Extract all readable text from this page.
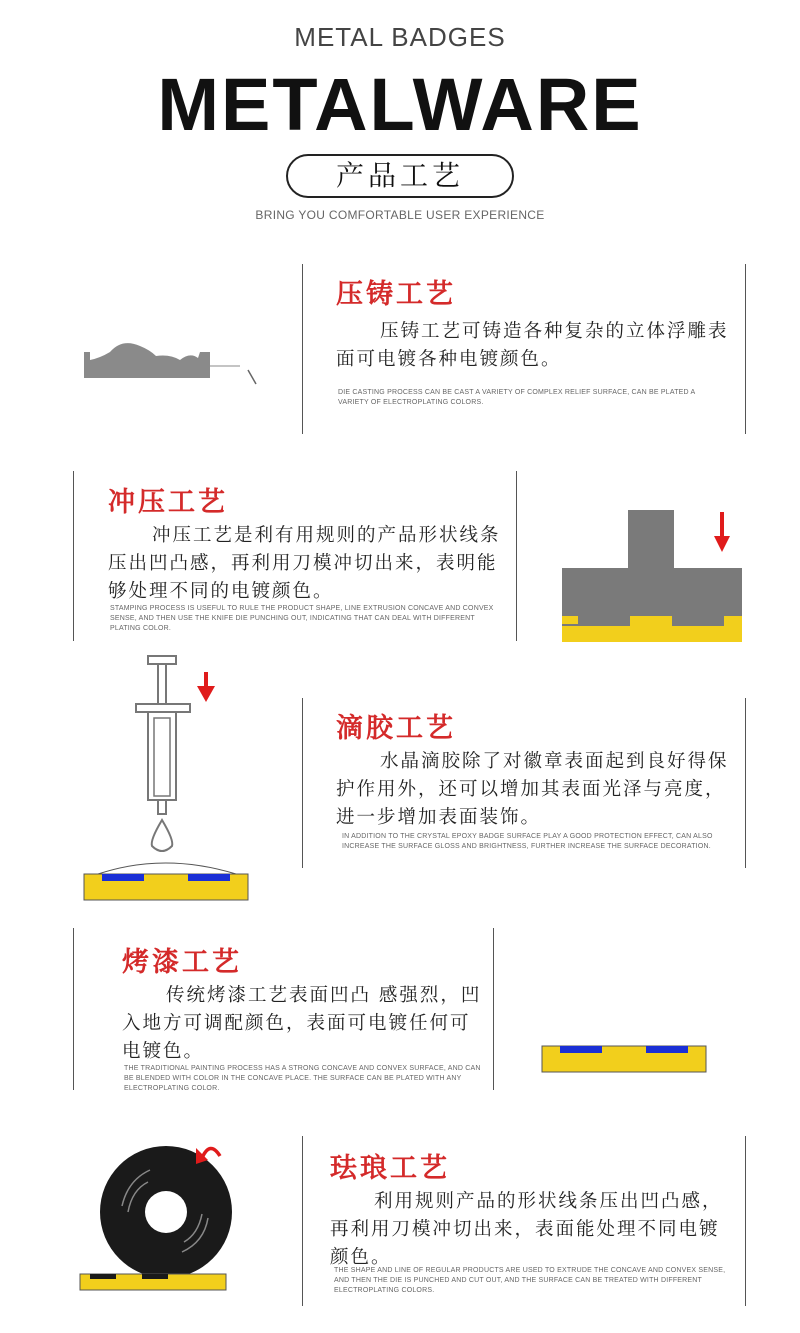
METAL BADGES
METALWARE
产品工艺
BRING YOU COMFORTABLE USER EXPERIENCE
压铸工艺
压铸工艺可铸造各种复杂的立体浮雕表面可电镀各种电镀颜色。
DIE CASTING PROCESS CAN BE CAST A VARIETY OF COMPLEX RELIEF SURFACE, CAN BE PLATED A VARIETY OF ELECTROPLATING COLORS.
冲压工艺
冲压工艺是利有用规则的产品形状线条压出凹凸感，再利用刀模冲切出来，表明能够处理不同的电镀颜色。
STAMPING PROCESS IS USEFUL TO RULE THE PRODUCT SHAPE, LINE EXTRUSION CONCAVE AND CONVEX SENSE, AND THEN USE THE KNIFE DIE PUNCHING OUT, INDICATING THAT CAN DEAL WITH DIFFERENT PLATING COLOR.
滴胶工艺
水晶滴胶除了对徽章表面起到良好得保护作用外，还可以增加其表面光泽与亮度，进一步增加表面装饰。
IN ADDITION TO THE CRYSTAL EPOXY BADGE SURFACE PLAY A GOOD PROTECTION EFFECT, CAN ALSO INCREASE THE SURFACE GLOSS AND BRIGHTNESS, FURTHER INCREASE THE SURFACE DECORATION.
烤漆工艺
传统烤漆工艺表面凹凸 感强烈，凹入地方可调配颜色，表面可电镀任何可电镀色。
THE TRADITIONAL PAINTING PROCESS HAS A STRONG CONCAVE AND CONVEX SURFACE, AND CAN BE BLENDED WITH COLOR IN THE CONCAVE PLACE. THE SURFACE CAN BE PLATED WITH ANY ELECTROPLATING COLOR.
珐琅工艺
利用规则产品的形状线条压出凹凸感，再利用刀模冲切出来，表面能处理不同电镀颜色。
THE SHAPE AND LINE OF REGULAR PRODUCTS ARE USED TO EXTRUDE THE CONCAVE AND CONVEX SENSE, AND THEN THE DIE IS PUNCHED AND CUT OUT, AND THE SURFACE CAN BE TREATED WITH DIFFERENT ELECTROPLATING COLORS.
